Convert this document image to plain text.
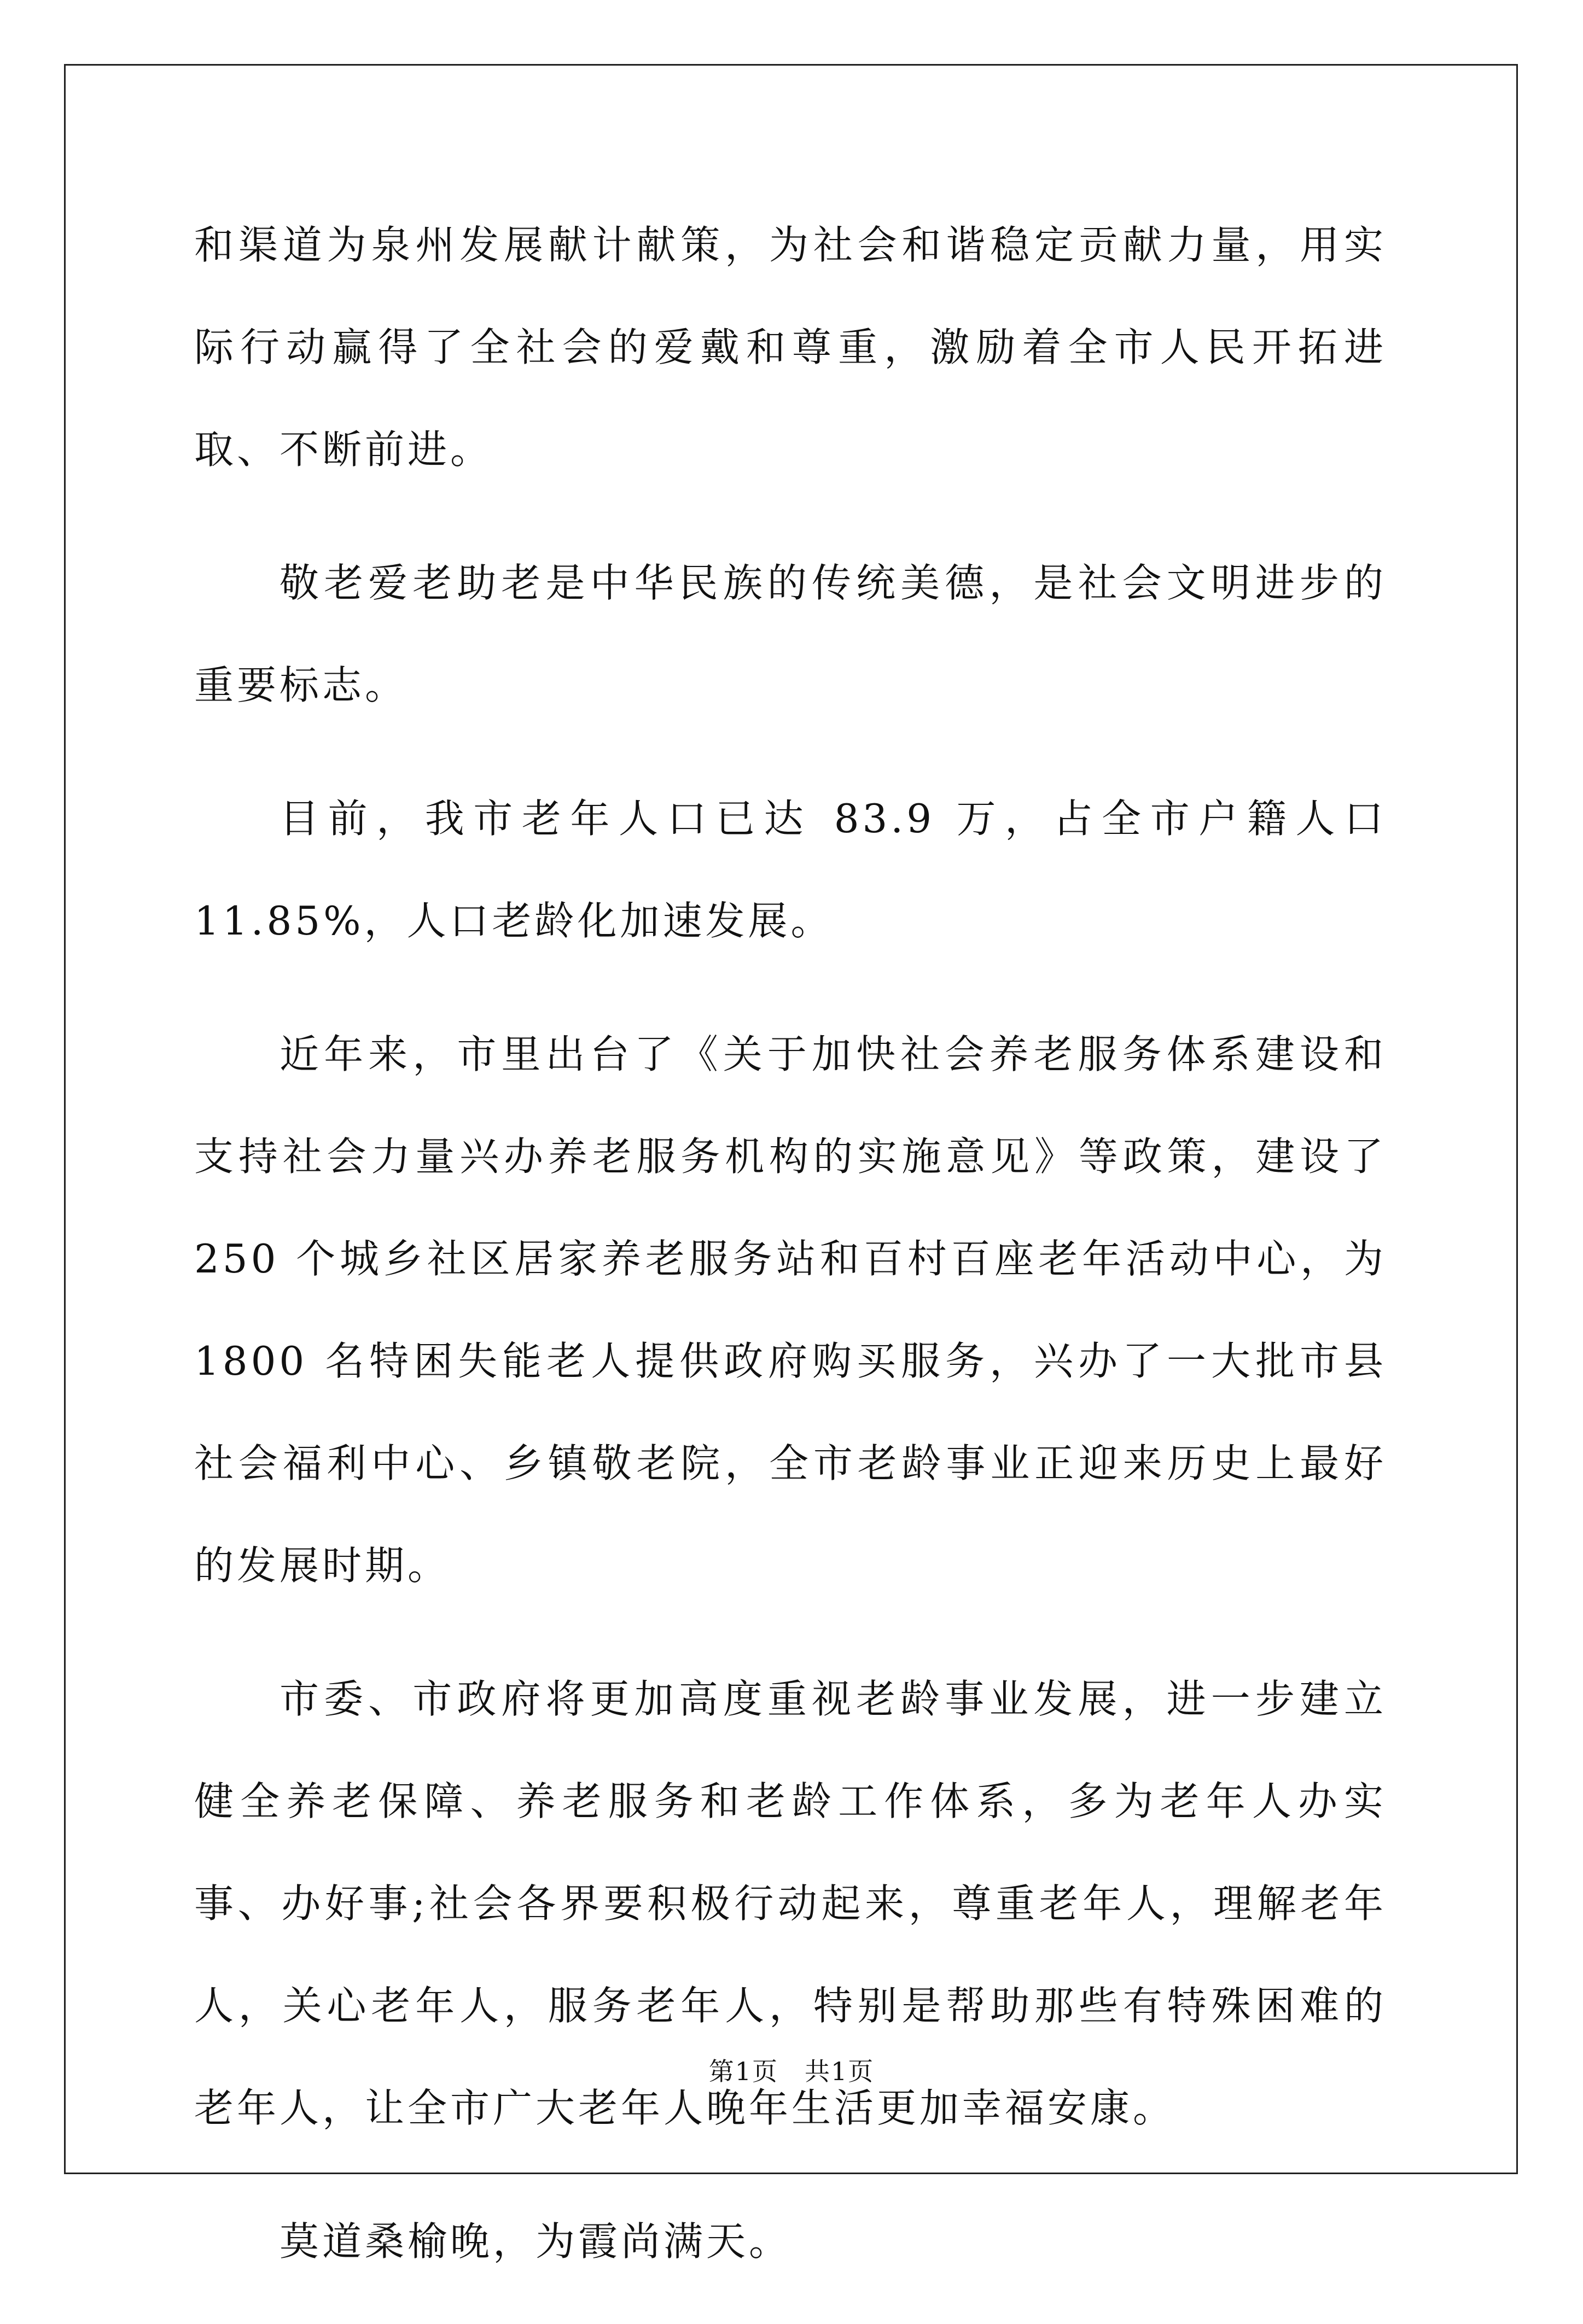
和渠道为泉州发展献计献策，为社会和谐稳定贡献力量，用实际行动赢得了全社会的爱戴和尊重，激励着全市人民开拓进取、不断前进。

敬老爱老助老是中华民族的传统美德，是社会文明进步的重要标志。

目前，我市老年人口已达 83.9 万，占全市户籍人口 11.85%，人口老龄化加速发展。

近年来，市里出台了《关于加快社会养老服务体系建设和支持社会力量兴办养老服务机构的实施意见》等政策，建设了 250 个城乡社区居家养老服务站和百村百座老年活动中心，为 1800 名特困失能老人提供政府购买服务，兴办了一大批市县社会福利中心、乡镇敬老院，全市老龄事业正迎来历史上最好的发展时期。

市委、市政府将更加高度重视老龄事业发展，进一步建立健全养老保障、养老服务和老龄工作体系，多为老年人办实事、办好事;社会各界要积极行动起来，尊重老年人，理解老年人，关心老年人，服务老年人，特别是帮助那些有特殊困难的老年人，让全市广大老年人晚年生活更加幸福安康。

莫道桑榆晚，为霞尚满天。

第1页　共1页
